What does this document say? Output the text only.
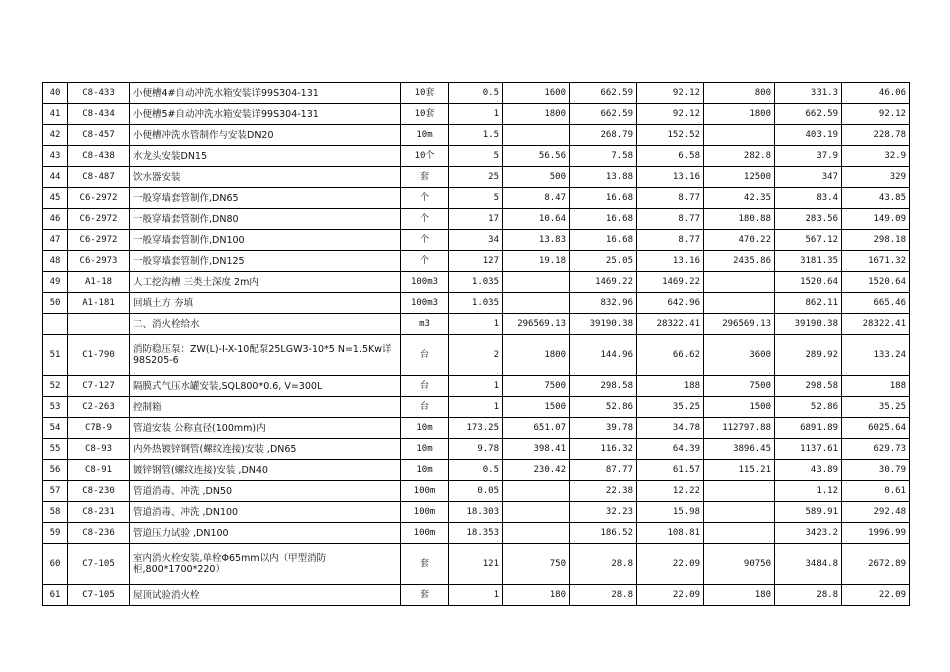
40	C8-433	小便槽4#自动冲洗水箱安装详99S304-131	10套	0.5	1600	662.59	92.12	800	331.3	46.06
41	C8-434	小便槽5#自动冲洗水箱安装详99S304-131	10套	1	1800	662.59	92.12	1800	662.59	92.12
42	C8-457	小便槽冲洗水管制作与安装DN20	10m	1.5		268.79	152.52		403.19	228.78
43	C8-438	水龙头安装DN15	10个	5	56.56	7.58	6.58	282.8	37.9	32.9
44	C8-487	饮水器安装	套	25	500	13.88	13.16	12500	347	329
45	C6-2972	一般穿墙套管制作,DN65	个	5	8.47	16.68	8.77	42.35	83.4	43.85
46	C6-2972	一般穿墙套管制作,DN80	个	17	10.64	16.68	8.77	180.88	283.56	149.09
47	C6-2972	一般穿墙套管制作,DN100	个	34	13.83	16.68	8.77	470.22	567.12	298.18
48	C6-2973	一般穿墙套管制作,DN125	个	127	19.18	25.05	13.16	2435.86	3181.35	1671.32
49	A1-18	人工挖沟槽 三类土深度 2m内	100m3	1.035		1469.22	1469.22		1520.64	1520.64
50	A1-181	回填土方 夯填	100m3	1.035		832.96	642.96		862.11	665.46
		二、消火栓给水	m3	1	296569.13	39190.38	28322.41	296569.13	39190.38	28322.41
51	C1-790	消防稳压泵：ZW(L)-I-X-10配泵25LGW3-10*5 N=1.5Kw详98S205-6	台	2	1800	144.96	66.62	3600	289.92	133.24
52	C7-127	隔膜式气压水罐安装,SQL800*0.6, V=300L	台	1	7500	298.58	188	7500	298.58	188
53	C2-263	控制箱	台	1	1500	52.86	35.25	1500	52.86	35.25
54	C7B-9	管道安装 公称直径(100mm)内	10m	173.25	651.07	39.78	34.78	112797.88	6891.89	6025.64
55	C8-93	内外热镀锌钢管(螺纹连接)安装 ,DN65	10m	9.78	398.41	116.32	64.39	3896.45	1137.61	629.73
56	C8-91	镀锌钢管(螺纹连接)安装 ,DN40	10m	0.5	230.42	87.77	61.57	115.21	43.89	30.79
57	C8-230	管道消毒、冲洗 ,DN50	100m	0.05		22.38	12.22		1.12	0.61
58	C8-231	管道消毒、冲洗 ,DN100	100m	18.303		32.23	15.98		589.91	292.48
59	C8-236	管道压力试验 ,DN100	100m	18.353		186.52	108.81		3423.2	1996.99
60	C7-105	室内消火栓安装,单栓Φ65mm以内（甲型消防柜,800*1700*220）	套	121	750	28.8	22.09	90750	3484.8	2672.89
61	C7-105	屋顶试验消火栓	套	1	180	28.8	22.09	180	28.8	22.09
